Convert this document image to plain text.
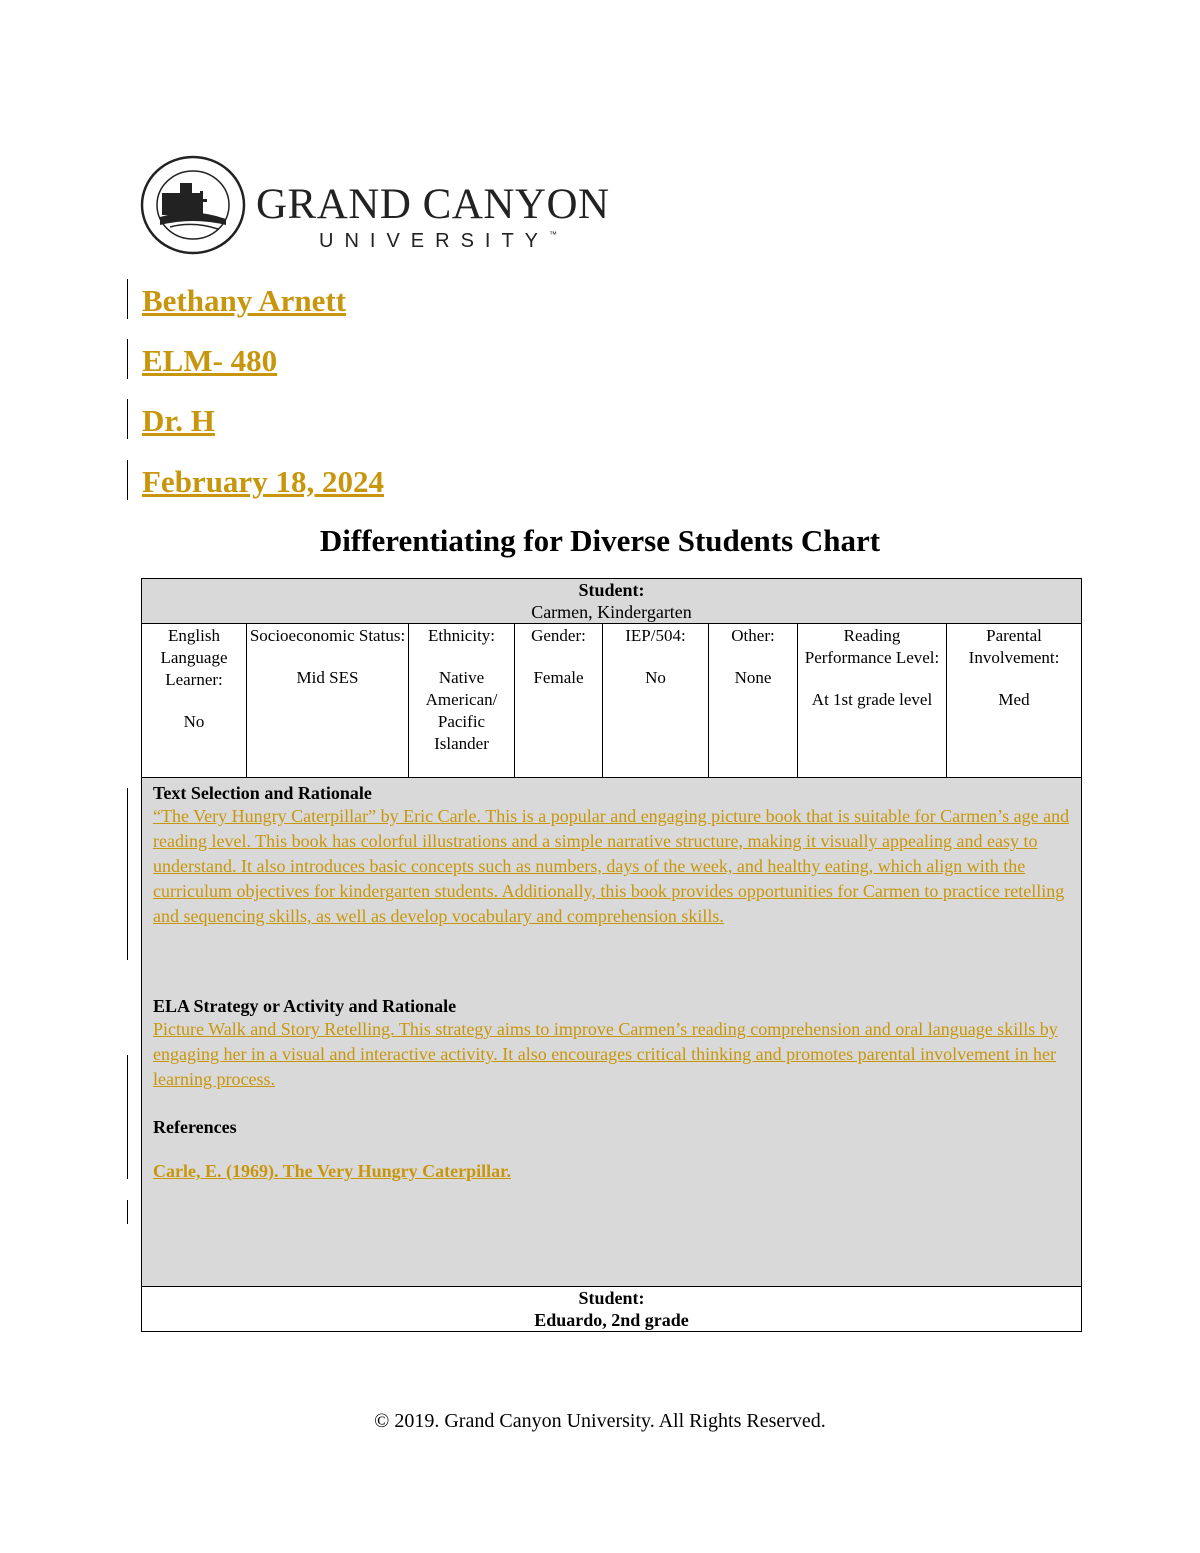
GRAND CANYON
UNIVERSITY™
Bethany Arnett
ELM- 480
Dr. H
February 18, 2024
Differentiating for Diverse Students Chart
Student:
Carmen, Kindergarten

English Language Learner:
No

Socioeconomic Status:
Mid SES

Ethnicity:
Native American/ Pacific Islander

Gender:
Female

IEP/504:
No

Other:
None

Reading Performance Level:
At 1st grade level

Parental Involvement:
Med

Text Selection and Rationale
“The Very Hungry Caterpillar” by Eric Carle. This is a popular and engaging picture book that is suitable for Carmen’s age and reading level. This book has colorful illustrations and a simple narrative structure, making it visually appealing and easy to understand. It also introduces basic concepts such as numbers, days of the week, and healthy eating, which align with the curriculum objectives for kindergarten students. Additionally, this book provides opportunities for Carmen to practice retelling and sequencing skills, as well as develop vocabulary and comprehension skills.
ELA Strategy or Activity and Rationale
Picture Walk and Story Retelling. This strategy aims to improve Carmen’s reading comprehension and oral language skills by engaging her in a visual and interactive activity. It also encourages critical thinking and promotes parental involvement in her learning process.
References
Carle, E. (1969). The Very Hungry Caterpillar.

Student:
Eduardo, 2nd grade
© 2019. Grand Canyon University. All Rights Reserved.
